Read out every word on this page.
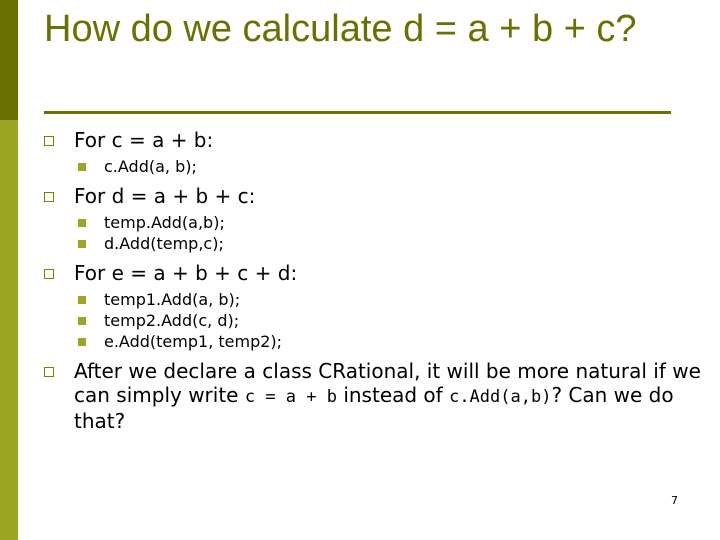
How do we calculate d = a + b + c?
For c = a + b:
c.Add(a, b);
For d = a + b + c:
temp.Add(a,b);
d.Add(temp,c);
For e = a + b + c + d:
temp1.Add(a, b);
temp2.Add(c, d);
e.Add(temp1, temp2);
After we declare a class CRational, it will be more natural if we can simply write c = a + b instead of c.Add(a,b)? Can we do that?
7
